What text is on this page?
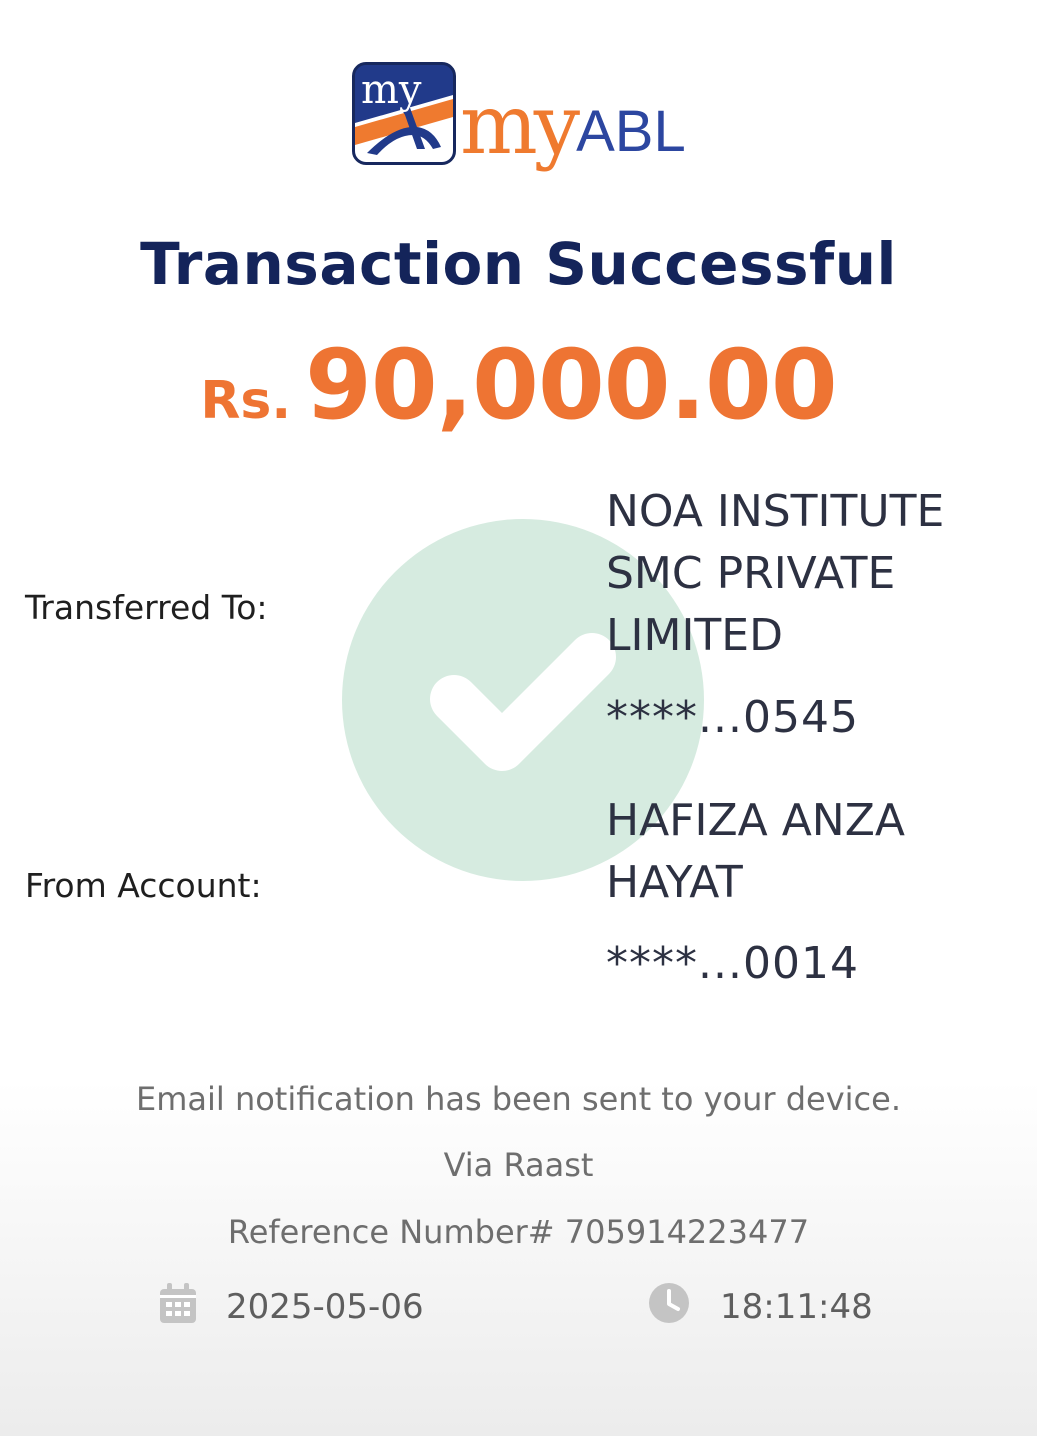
my my ABL
Transaction Successful
Rs. 90,000.00
Transferred To:
NOA INSTITUTE
SMC PRIVATE
LIMITED
****...0545
From Account:
HAFIZA ANZA
HAYAT
****...0014
Email notification has been sent to your device.
Via Raast
Reference Number# 705914223477
2025-05-06	18:11:48
